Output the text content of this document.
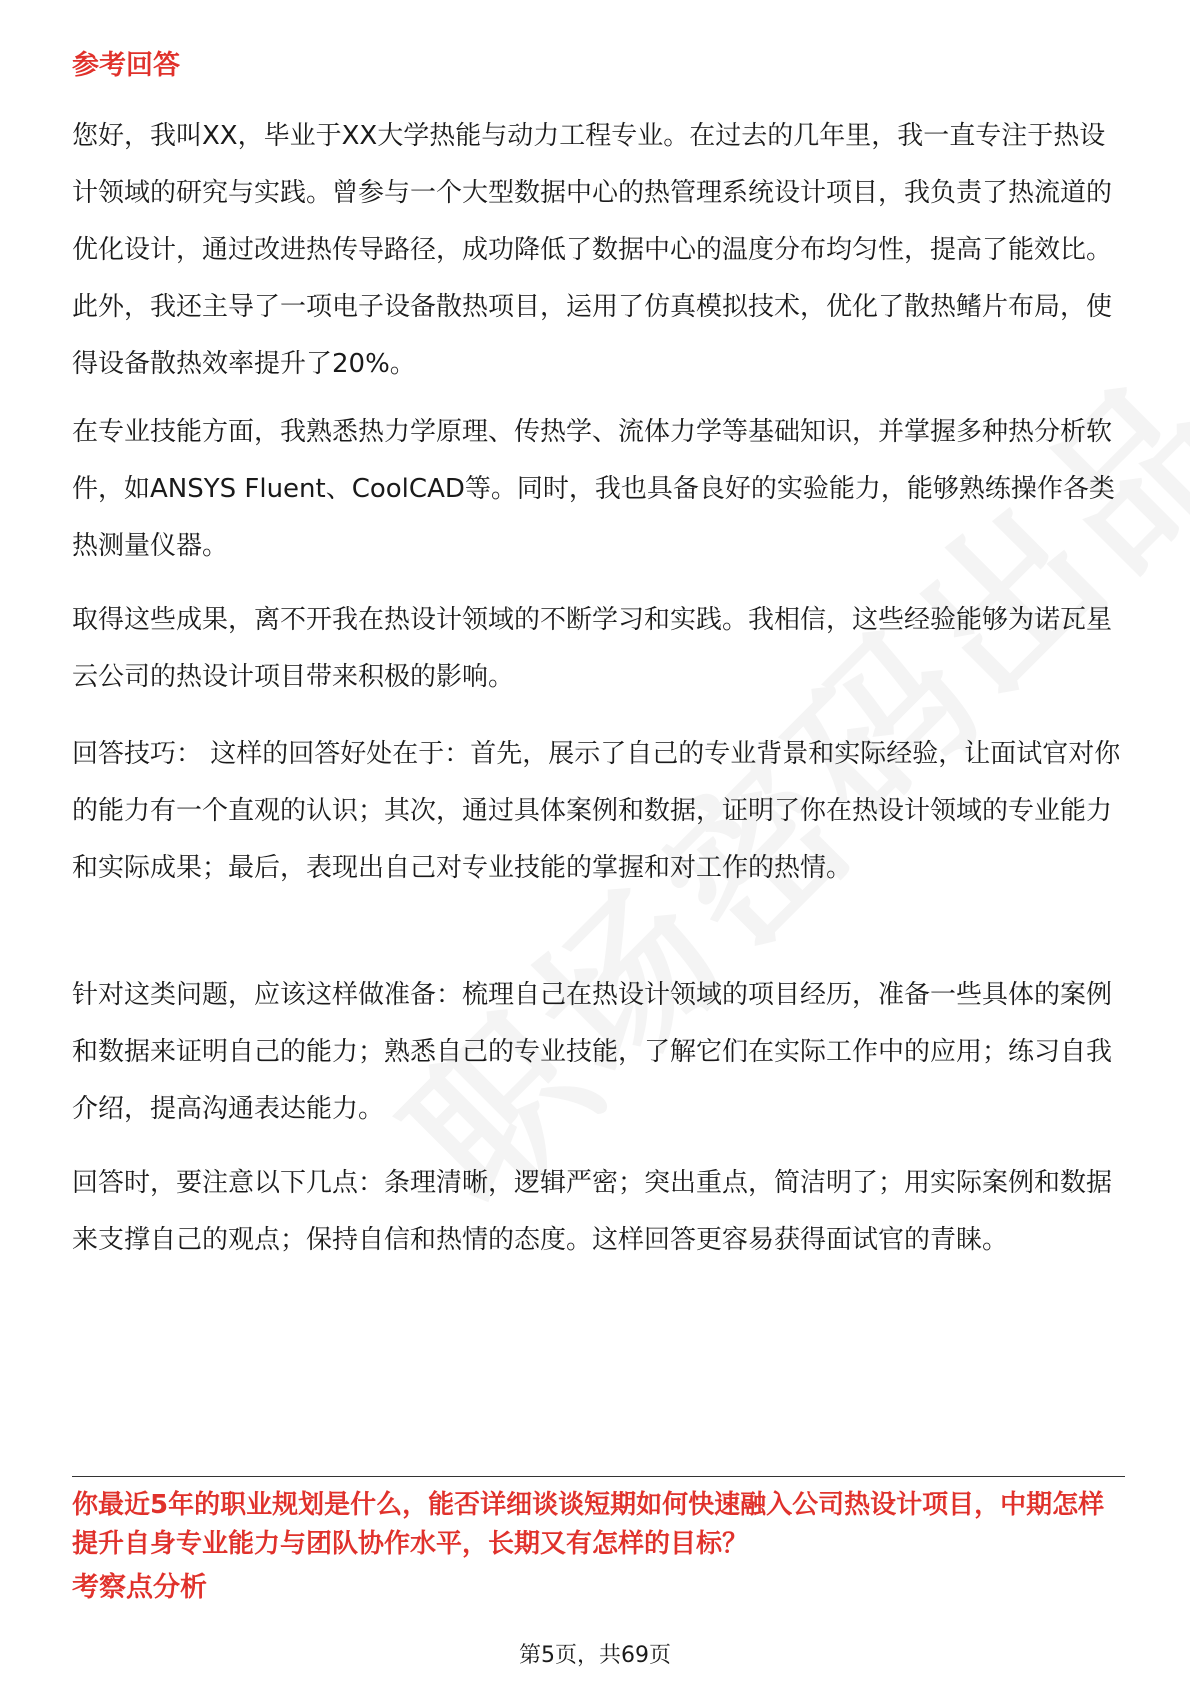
参考回答

您好，我叫XX，毕业于XX大学热能与动力工程专业。在过去的几年里，我一直专注于热设计领域的研究与实践。曾参与一个大型数据中心的热管理系统设计项目，我负责了热流道的优化设计，通过改进热传导路径，成功降低了数据中心的温度分布均匀性，提高了能效比。此外，我还主导了一项电子设备散热项目，运用了仿真模拟技术，优化了散热鳍片布局，使得设备散热效率提升了20%。

在专业技能方面，我熟悉热力学原理、传热学、流体力学等基础知识，并掌握多种热分析软件，如ANSYS Fluent、CoolCAD等。同时，我也具备良好的实验能力，能够熟练操作各类热测量仪器。

取得这些成果，离不开我在热设计领域的不断学习和实践。我相信，这些经验能够为诺瓦星云公司的热设计项目带来积极的影响。

回答技巧： 这样的回答好处在于：首先，展示了自己的专业背景和实际经验，让面试官对你的能力有一个直观的认识；其次，通过具体案例和数据，证明了你在热设计领域的专业能力和实际成果；最后，表现出自己对专业技能的掌握和对工作的热情。

针对这类问题，应该这样做准备：梳理自己在热设计领域的项目经历，准备一些具体的案例和数据来证明自己的能力；熟悉自己的专业技能，了解它们在实际工作中的应用；练习自我介绍，提高沟通表达能力。

回答时，要注意以下几点：条理清晰，逻辑严密；突出重点，简洁明了；用实际案例和数据来支撑自己的观点；保持自信和热情的态度。这样回答更容易获得面试官的青睐。

你最近5年的职业规划是什么，能否详细谈谈短期如何快速融入公司热设计项目，中期怎样提升自身专业能力与团队协作水平，长期又有怎样的目标？

考察点分析
第5页，共69页
